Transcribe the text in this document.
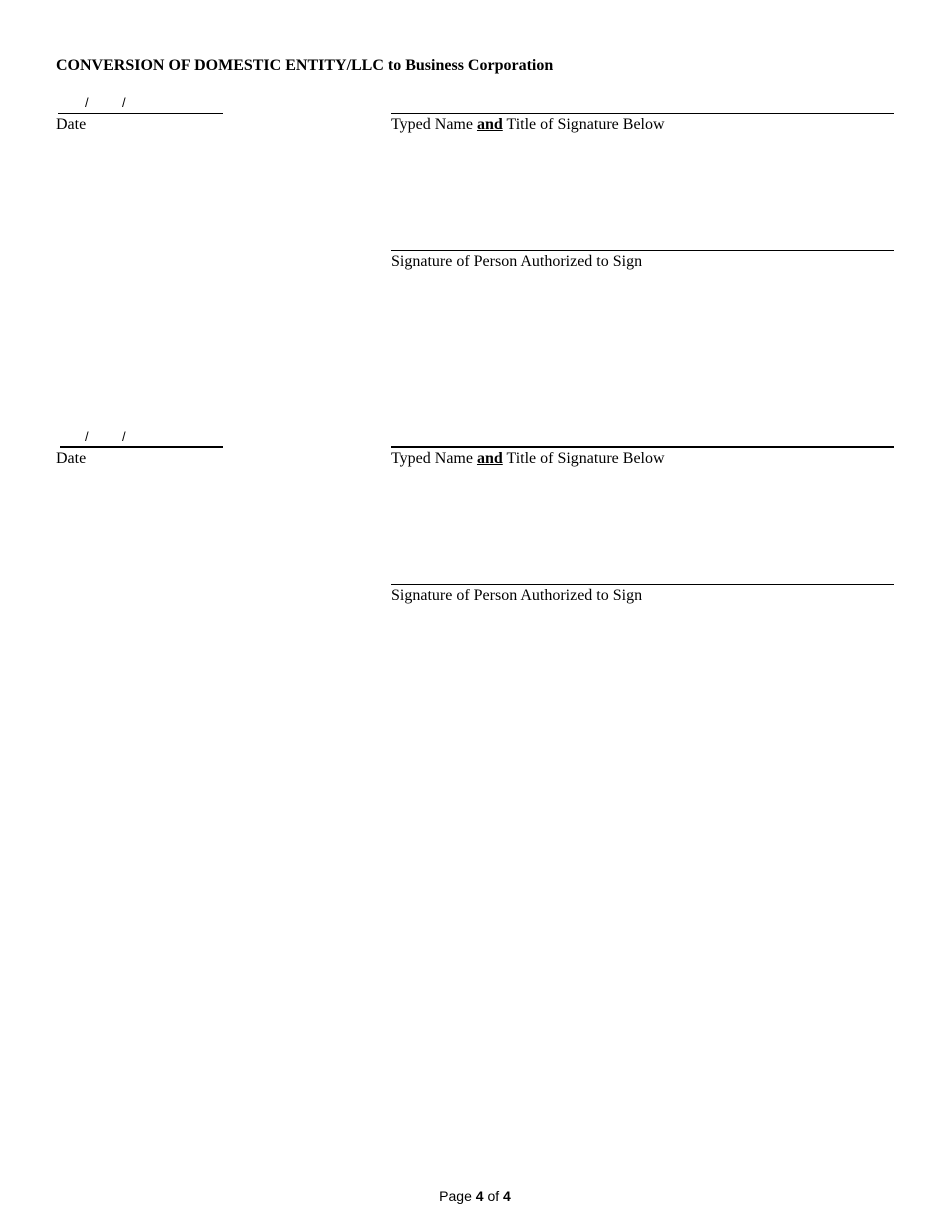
CONVERSION OF DOMESTIC ENTITY/LLC to Business Corporation
/	/
Date	Typed Name and Title of Signature Below
Signature of Person Authorized to Sign
/	/
Date	Typed Name and Title of Signature Below
Signature of Person Authorized to Sign
Page 4 of 4
